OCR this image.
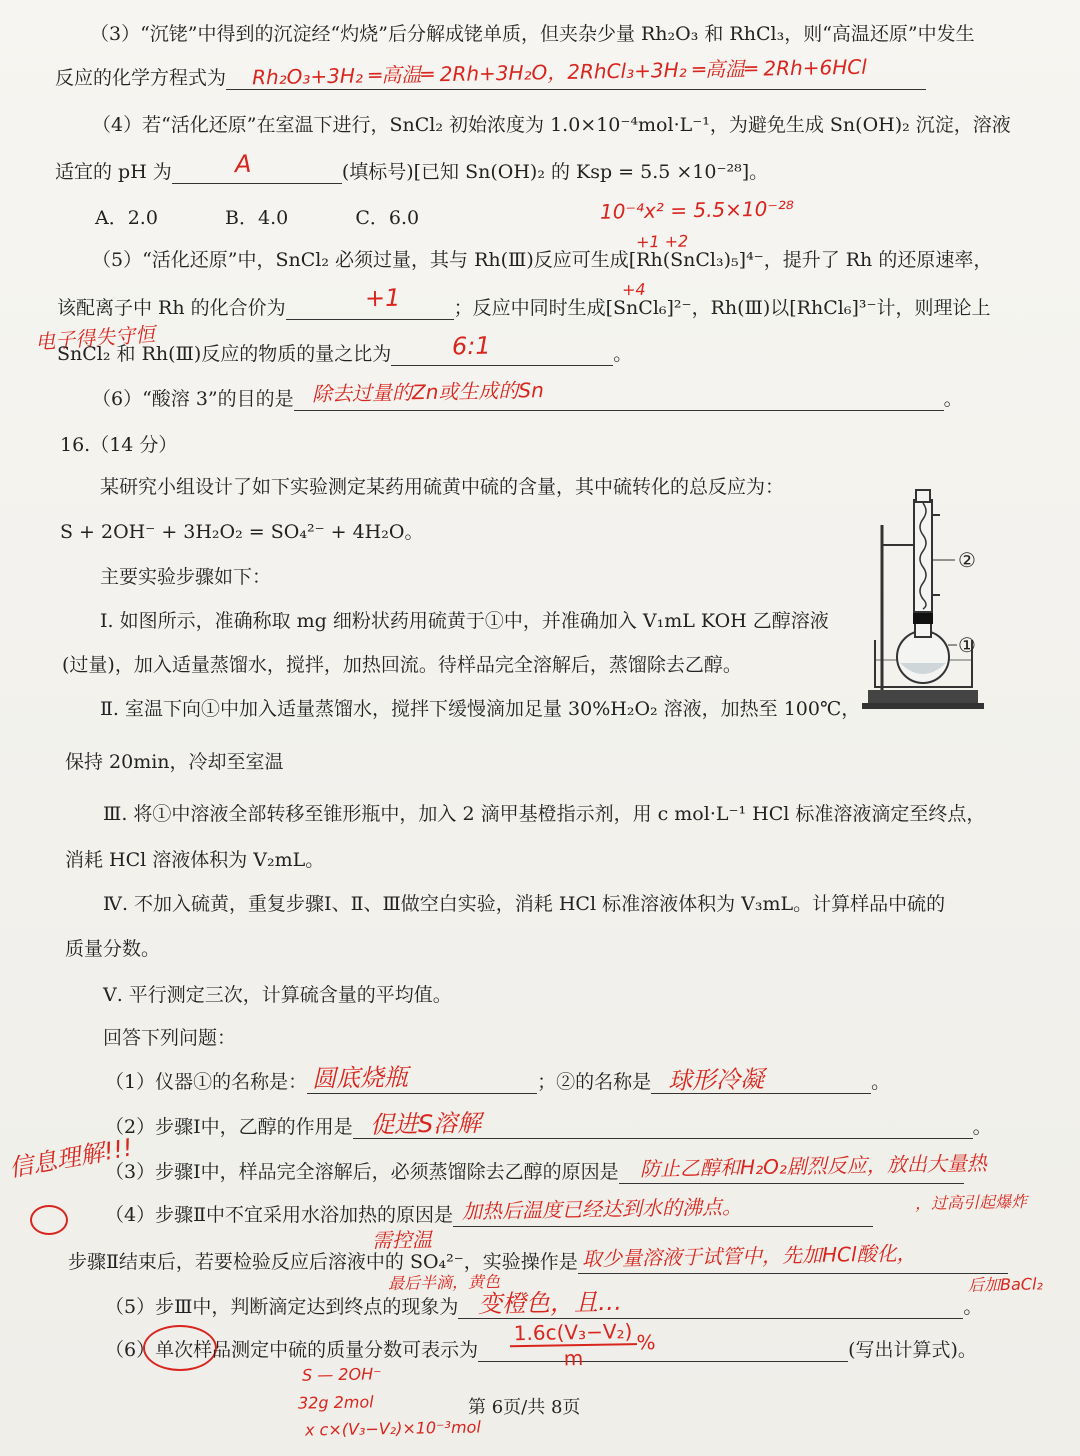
（3）“沉铑”中得到的沉淀经“灼烧”后分解成铑单质，但夹杂少量 Rh₂O₃ 和 RhCl₃，则“高温还原”中发生
反应的化学方程式为	Rh₂O₃+3H₂ ═高温═ 2Rh+3H₂O，2RhCl₃+3H₂ ═高温═ 2Rh+6HCl
（4）若“活化还原”在室温下进行，SnCl₂ 初始浓度为 1.0×10⁻⁴mol·L⁻¹，为避免生成 Sn(OH)₂ 沉淀，溶液
适宜的 pH 为	(填标号)[已知 Sn(OH)₂ 的 Ksp = 5.5 ×10⁻²⁸]。
A
A．2.0	B．4.0	C．6.0	10⁻⁴x² = 5.5×10⁻²⁸
+1 +2
（5）“活化还原”中，SnCl₂ 必须过量，其与 Rh(Ⅲ)反应可生成[Rh(SnCl₃)₅]⁴⁻，提升了 Rh 的还原速率，
+4
该配离子中 Rh 的化合价为	；反应中同时生成[SnCl₆]²⁻，Rh(Ⅲ)以[RhCl₆]³⁻计，则理论上
+1
电子得失守恒
SnCl₂ 和 Rh(Ⅲ)反应的物质的量之比为	。
6:1
（6）“酸溶 3”的目的是	。
除去过量的Zn或生成的Sn
16.（14 分）
某研究小组设计了如下实验测定某药用硫黄中硫的含量，其中硫转化的总反应为：
S + 2OH⁻ + 3H₂O₂ = SO₄²⁻ + 4H₂O。
主要实验步骤如下：
Ⅰ. 如图所示，准确称取 mg 细粉状药用硫黄于①中，并准确加入 V₁mL KOH 乙醇溶液
(过量)，加入适量蒸馏水，搅拌，加热回流。待样品完全溶解后，蒸馏除去乙醇。
Ⅱ. 室温下向①中加入适量蒸馏水，搅拌下缓慢滴加足量 30%H₂O₂ 溶液，加热至 100℃，
保持 20min，冷却至室温
Ⅲ. 将①中溶液全部转移至锥形瓶中，加入 2 滴甲基橙指示剂，用 c mol·L⁻¹ HCl 标准溶液滴定至终点，
消耗 HCl 溶液体积为 V₂mL。
Ⅳ. 不加入硫黄，重复步骤Ⅰ、Ⅱ、Ⅲ做空白实验，消耗 HCl 标准溶液体积为 V₃mL。计算样品中硫的
质量分数。
Ⅴ. 平行测定三次，计算硫含量的平均值。
回答下列问题：
（1）仪器①的名称是：	；②的名称是	。
圆底烧瓶	球形冷凝
（2）步骤Ⅰ中，乙醇的作用是	。
促进S溶解
信息理解!!!
（3）步骤Ⅰ中，样品完全溶解后，必须蒸馏除去乙醇的原因是	防止乙醇和H₂O₂剧烈反应，放出大量热
，过高引起爆炸
（4）步骤Ⅱ中不宜采用水浴加热的原因是 加热后温度已经达到水的沸点。
需控温
步骤Ⅱ结束后，若要检验反应后溶液中的 SO₄²⁻，实验操作是 取少量溶液于试管中，先加HCl酸化，
后加BaCl₂
最后半滴，黄色
（5）步Ⅲ中，判断滴定达到终点的现象为	。
变橙色，且…
（6）单次样品测定中硫的质量分数可表示为	(写出计算式)。
$\frac{\text{1.6c(V₃−V₂)}}{m}$ %
S — 2OH⁻
32g 2mol
x c×(V₃−V₂)×10⁻³mol
第 6页/共 8页
②
①
